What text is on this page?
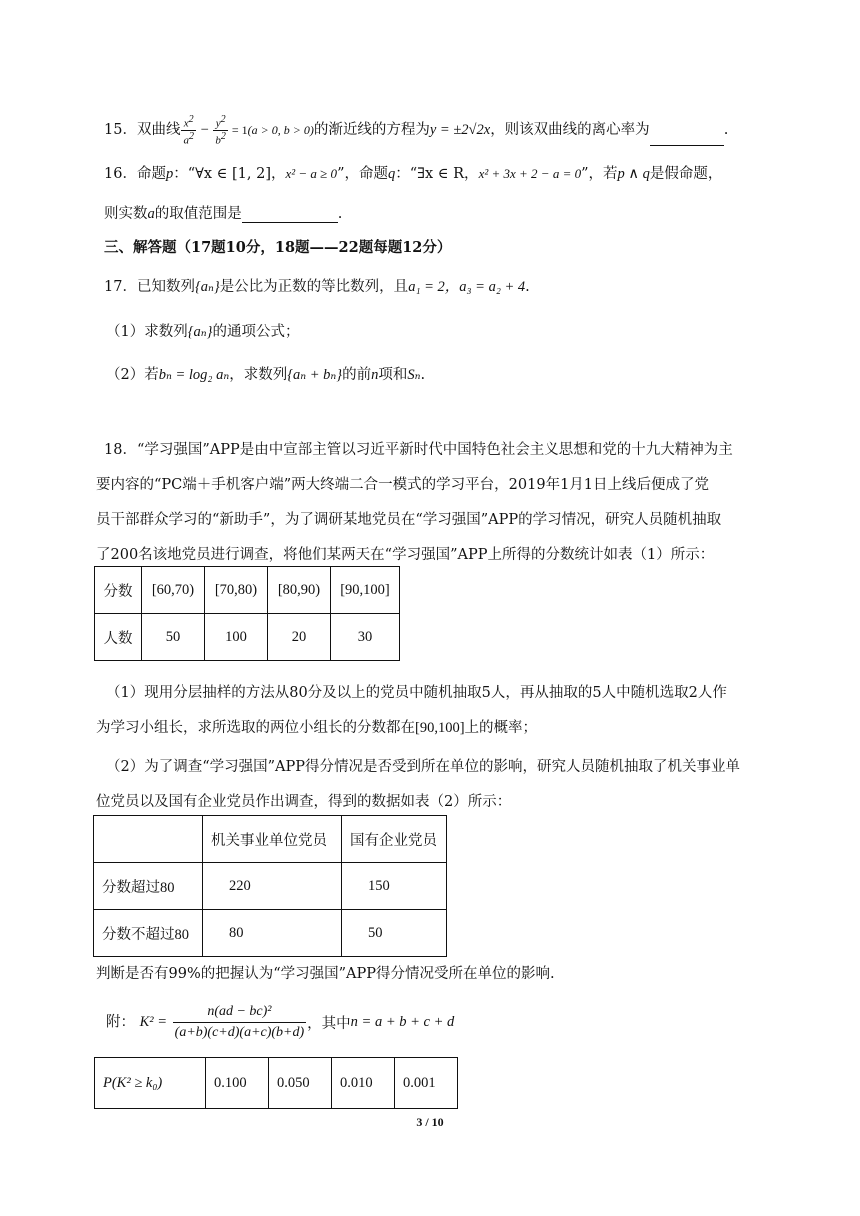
15．双曲线 $\frac{x^2}{a^2} - \frac{y^2}{b^2} = 1(a > 0$, b > 0)的渐近线的方程为y = ±2√2x，则该双曲线的离心率为	.
16．命题p：“∀x ∈ [1, 2]，x² − a ≥ 0”，命题q：“∃x ∈ R，x² + 3x + 2 − a = 0”，若p ∧ q是假命题，
则实数a的取值范围是	.
三、解答题（17题10分，18题——22题每题12分）
17．已知数列{aₙ}是公比为正数的等比数列，且a₁ = 2，a₃ = a₂ + 4.
（1）求数列{aₙ}的通项公式；
（2）若bₙ = log₂ aₙ，求数列{aₙ + bₙ}的前n项和Sₙ.
18．“学习强国”APP是由中宣部主管以习近平新时代中国特色社会主义思想和党的十九大精神为主
要内容的“PC端＋手机客户端”两大终端二合一模式的学习平台，2019年1月1日上线后便成了党
员干部群众学习的“新助手”，为了调研某地党员在“学习强国”APP的学习情况，研究人员随机抽取
了200名该地党员进行调查，将他们某两天在“学习强国”APP上所得的分数统计如表（1）所示：
分数	[60,70)	[70,80)	[80,90)	[90,100]
人数	50	100	20	30
（1）现用分层抽样的方法从80分及以上的党员中随机抽取5人，再从抽取的5人中随机选取2人作
为学习小组长，求所选取的两位小组长的分数都在[90,100]上的概率；
（2）为了调查“学习强国”APP得分情况是否受到所在单位的影响，研究人员随机抽取了机关事业单
位党员以及国有企业党员作出调查，得到的数据如表（2）所示：
	机关事业单位党员	国有企业党员
分数超过80	220	150
分数不超过80	80	50
判断是否有99%的把握认为“学习强国”APP得分情况受所在单位的影响.
附： $K^2 = \frac{\text{n(ad − bc)²}}{(a+b)(c+d)(a+c)(b+d)}$ ，其中n = a + b + c + d
P(K² ≥ k₀)	0.100	0.050	0.010	0.001
3 / 10
